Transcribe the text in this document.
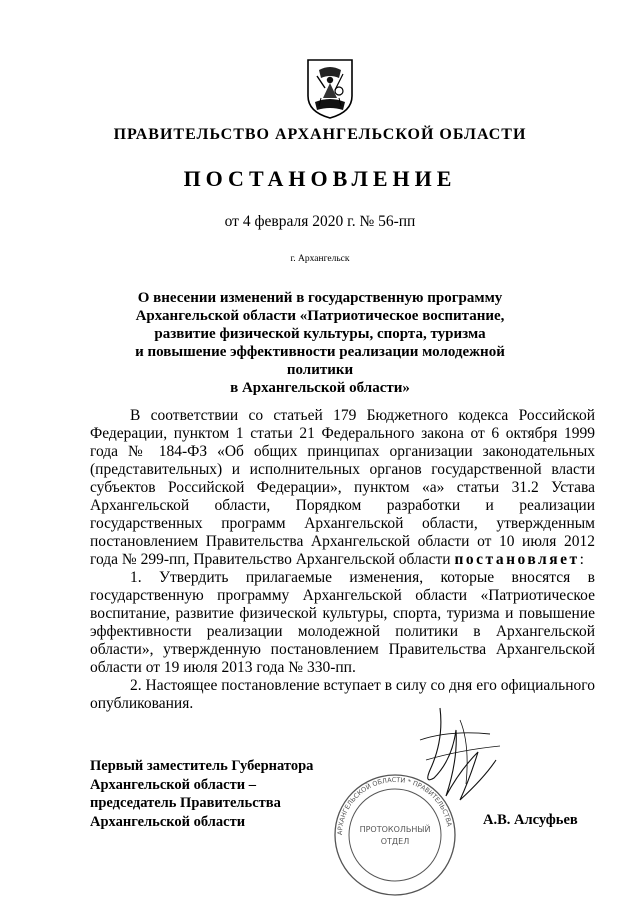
ПРАВИТЕЛЬСТВО АРХАНГЕЛЬСКОЙ ОБЛАСТИ
ПОСТАНОВЛЕНИЕ
от 4 февраля 2020 г. № 56-пп
г. Архангельск
О внесении изменений в государственную программу
Архангельской области «Патриотическое воспитание,
развитие физической культуры, спорта, туризма
и повышение эффективности реализации молодежной политики
в Архангельской области»

В соответствии со статьей 179 Бюджетного кодекса Российской Федерации, пунктом 1 статьи 21 Федерального закона от 6 октября 1999 года № 184-ФЗ «Об общих принципах организации законодательных (представительных) и исполнительных органов государственной власти субъектов Российской Федерации», пунктом «а» статьи 31.2 Устава Архангельской области, Порядком разработки и реализации государственных программ Архангельской области, утвержденным постановлением Правительства Архангельской области от 10 июля 2012 года № 299-пп, Правительство Архангельской области постановляет:

1. Утвердить прилагаемые изменения, которые вносятся в государственную программу Архангельской области «Патриотическое воспитание, развитие физической культуры, спорта, туризма и повышение эффективности реализации молодежной политики в Архангельской области», утвержденную постановлением Правительства Архангельской области от 19 июля 2013 года № 330-пп.

2. Настоящее постановление вступает в силу со дня его официального опубликования.

АРХАНГЕЛЬСКОЙ ОБЛАСТИ * ПРАВИТЕЛЬСТВА
ПРОТОКОЛЬНЫЙ
ОТДЕЛ
Первый заместитель Губернатора
Архангельской области –
председатель Правительства
Архангельской области	А.В. Алсуфьев
